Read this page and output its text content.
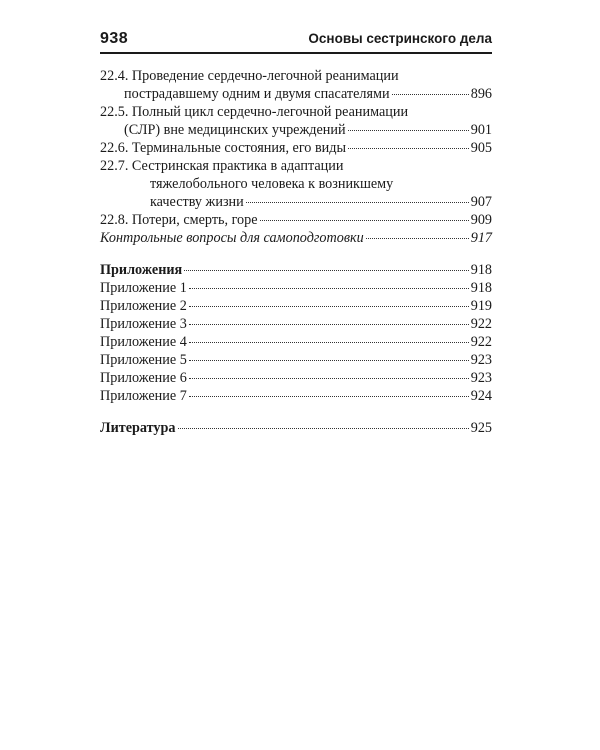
938	Основы сестринского дела
22.4. Проведение сердечно-легочной реанимации
пострадавшему одним и двумя спасателями	896
22.5. Полный цикл сердечно-легочной реанимации
(СЛР) вне медицинских учреждений	901
22.6. Терминальные состояния, его виды	905
22.7. Сестринская практика в адаптации
тяжелобольного человека к возникшему
качеству жизни	907
22.8. Потери, смерть, горе	909
Контрольные вопросы для самоподготовки	917
Приложения	918
Приложение 1	918
Приложение 2	919
Приложение 3	922
Приложение 4	922
Приложение 5	923
Приложение 6	923
Приложение 7	924
Литература	925
